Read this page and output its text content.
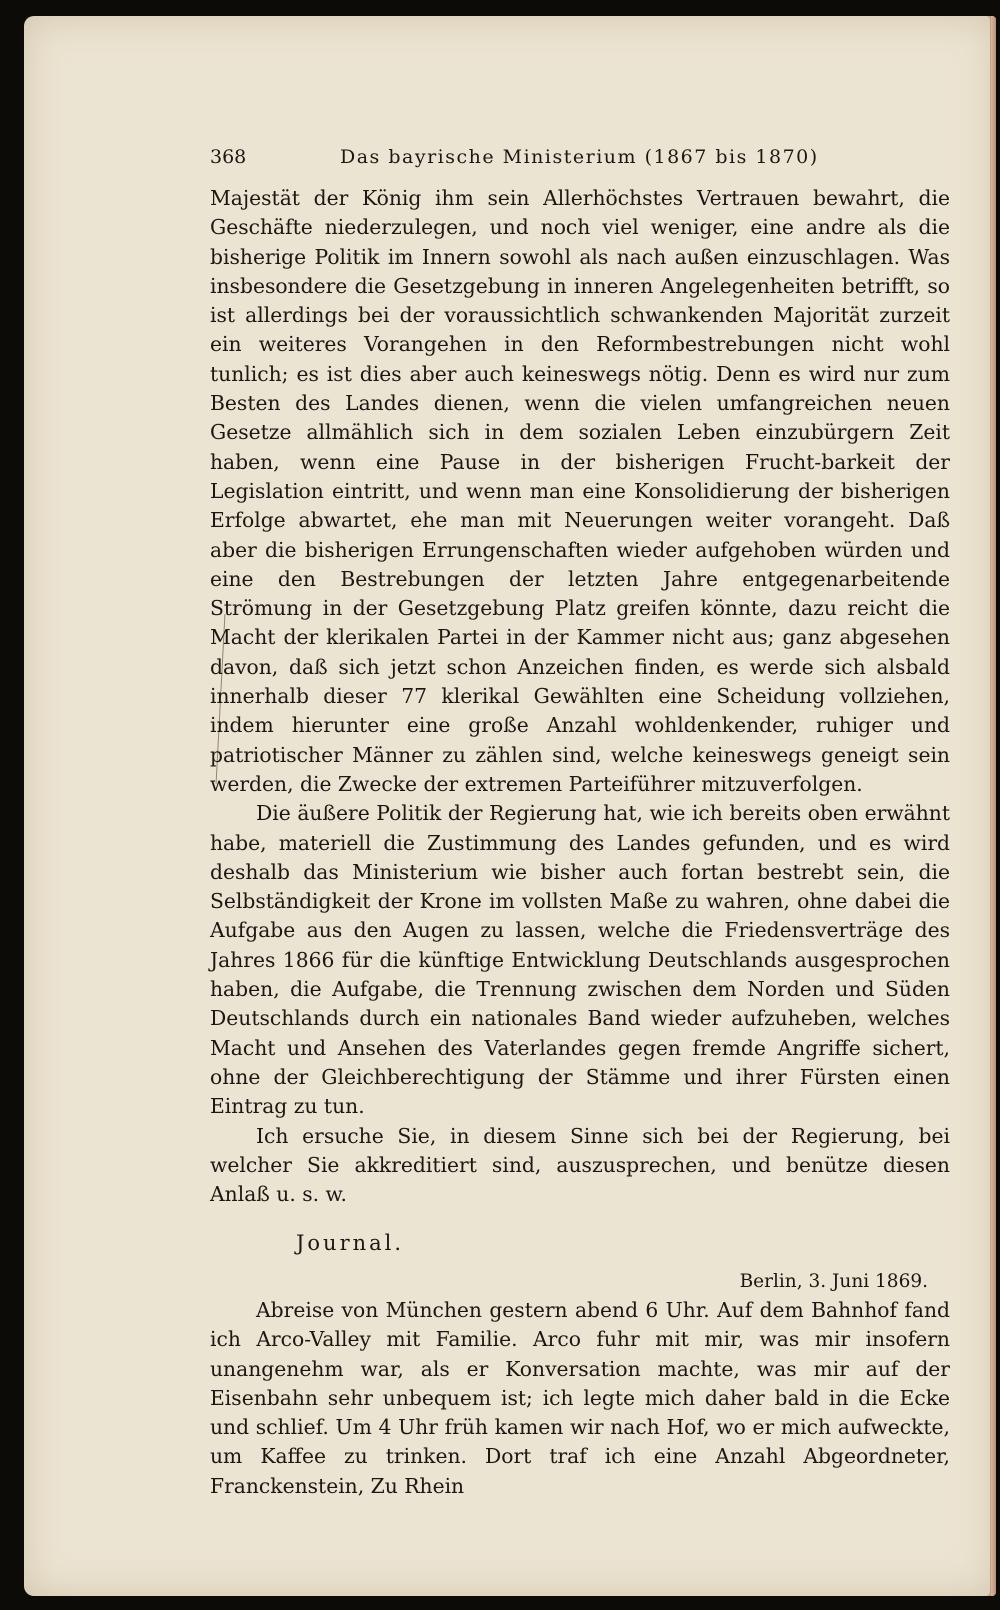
368	Das bayrische Ministerium (1867 bis 1870)

Majestät der König ihm sein Allerhöchstes Vertrauen bewahrt, die Geschäfte niederzulegen, und noch viel weniger, eine andre als die bisherige Politik im Innern sowohl als nach außen einzuschlagen. Was insbesondere die Gesetzgebung in inneren Angelegenheiten betrifft, so ist allerdings bei der voraussichtlich schwankenden Majorität zurzeit ein weiteres Vorangehen in den Reformbestrebungen nicht wohl tunlich; es ist dies aber auch keineswegs nötig. Denn es wird nur zum Besten des Landes dienen, wenn die vielen umfangreichen neuen Gesetze allmählich sich in dem sozialen Leben einzubürgern Zeit haben, wenn eine Pause in der bisherigen Frucht-barkeit der Legislation eintritt, und wenn man eine Konsolidierung der bisherigen Erfolge abwartet, ehe man mit Neuerungen weiter vorangeht. Daß aber die bisherigen Errungenschaften wieder aufgehoben würden und eine den Bestrebungen der letzten Jahre entgegenarbeitende Strömung in der Gesetzgebung Platz greifen könnte, dazu reicht die Macht der klerikalen Partei in der Kammer nicht aus; ganz abgesehen davon, daß sich jetzt schon Anzeichen finden, es werde sich alsbald innerhalb dieser 77 klerikal Gewählten eine Scheidung vollziehen, indem hierunter eine große Anzahl wohldenkender, ruhiger und patriotischer Männer zu zählen sind, welche keineswegs geneigt sein werden, die Zwecke der extremen Parteiführer mitzuverfolgen.

Die äußere Politik der Regierung hat, wie ich bereits oben erwähnt habe, materiell die Zustimmung des Landes gefunden, und es wird deshalb das Ministerium wie bisher auch fortan bestrebt sein, die Selbständigkeit der Krone im vollsten Maße zu wahren, ohne dabei die Aufgabe aus den Augen zu lassen, welche die Friedensverträge des Jahres 1866 für die künftige Entwicklung Deutschlands ausgesprochen haben, die Aufgabe, die Trennung zwischen dem Norden und Süden Deutschlands durch ein nationales Band wieder aufzuheben, welches Macht und Ansehen des Vaterlandes gegen fremde Angriffe sichert, ohne der Gleichberechtigung der Stämme und ihrer Fürsten einen Eintrag zu tun.

Ich ersuche Sie, in diesem Sinne sich bei der Regierung, bei welcher Sie akkreditiert sind, auszusprechen, und benütze diesen Anlaß u. s. w.

Journal.
Berlin, 3. Juni 1869.

Abreise von München gestern abend 6 Uhr. Auf dem Bahnhof fand ich Arco-Valley mit Familie. Arco fuhr mit mir, was mir insofern unangenehm war, als er Konversation machte, was mir auf der Eisenbahn sehr unbequem ist; ich legte mich daher bald in die Ecke und schlief. Um 4 Uhr früh kamen wir nach Hof, wo er mich aufweckte, um Kaffee zu trinken. Dort traf ich eine Anzahl Abgeordneter, Franckenstein, Zu Rhein
